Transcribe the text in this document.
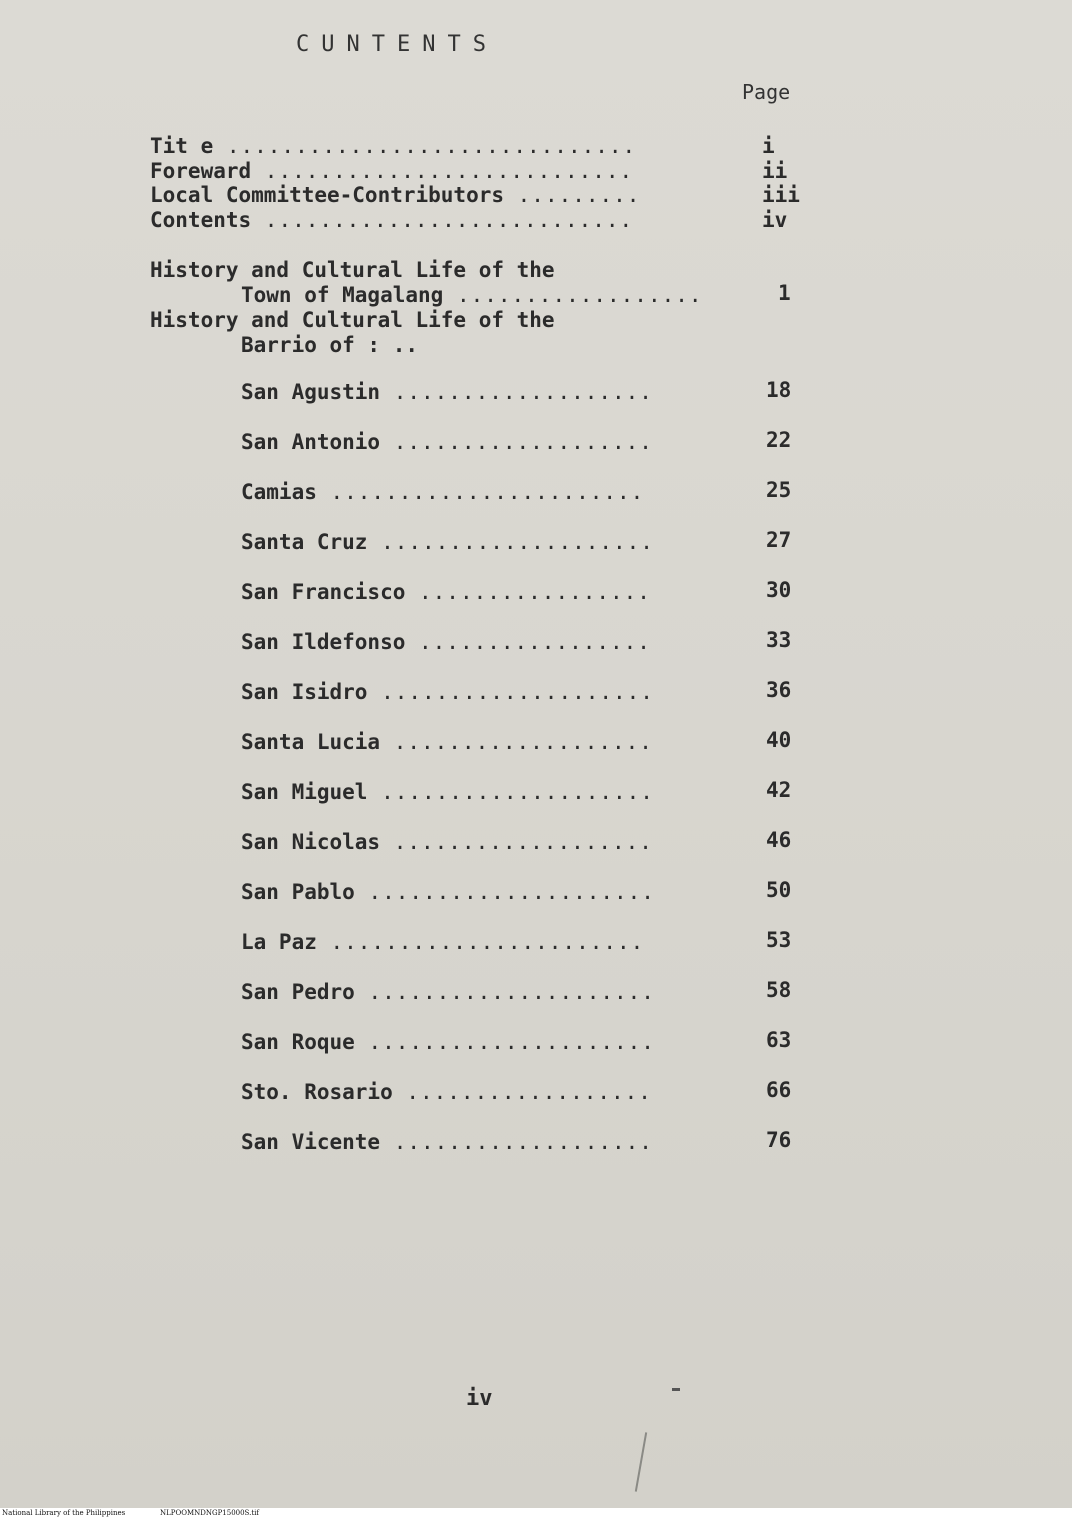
CUNTENTS
Page
Tit e ..............................	i
Foreward ...........................	ii
Local Committee-Contributors .........	iii
Contents ...........................	iv
History and Cultural Life of the
Town of Magalang ..................	1
History and Cultural Life of the
Barrio of : ..
San Agustin ...................	18
San Antonio ...................	22
Camias .......................	25
Santa Cruz ....................	27
San Francisco .................	30
San Ildefonso .................	33
San Isidro ....................	36
Santa Lucia ...................	40
San Miguel ....................	42
San Nicolas ...................	46
San Pablo .....................	50
La Paz .......................	53
San Pedro .....................	58
San Roque .....................	63
Sto. Rosario ..................	66
San Vicente ...................	76
iv
National Library of the Philippines	NLPOOMNDNGP15000S.tif
